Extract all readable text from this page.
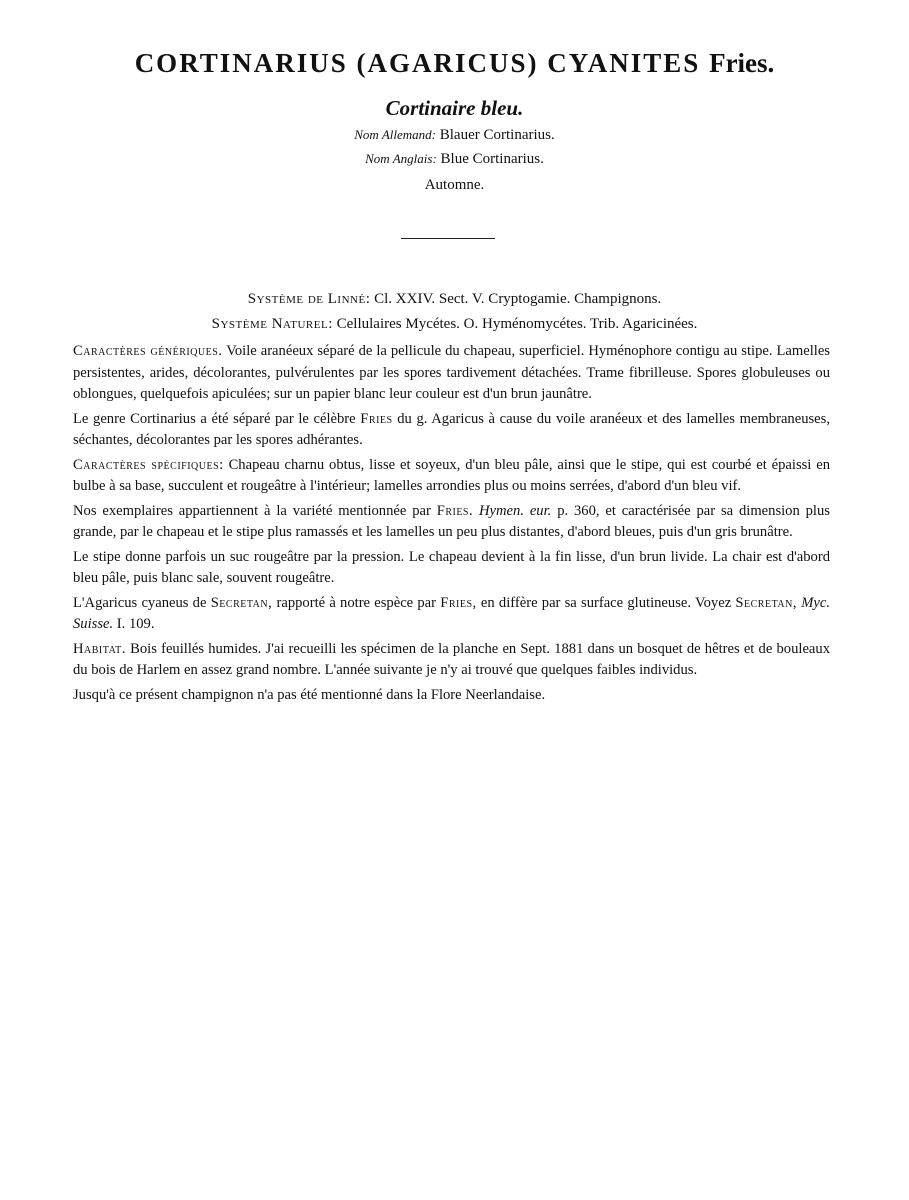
CORTINARIUS (AGARICUS) CYANITES Fries.
Cortinaire bleu.
Nom Allemand: Blauer Cortinarius.
Nom Anglais: Blue Cortinarius.
Automne.
Système de Linné: Cl. XXIV. Sect. V. Cryptogamie. Champignons.
Système Naturel: Cellulaires Mycétes. O. Hyménomycétes. Trib. Agaricinées.

Caractères génériques. Voile aranéeux séparé de la pellicule du chapeau, superficiel. Hyménophore contigu au stipe. Lamelles persistentes, arides, décolorantes, pulvérulentes par les spores tardivement détachées. Trame fibrilleuse. Spores globuleuses ou oblongues, quelquefois apiculées; sur un papier blanc leur couleur est d'un brun jaunâtre.

Le genre Cortinarius a été séparé par le célèbre Fries du g. Agaricus à cause du voile aranéeux et des lamelles membraneuses, séchantes, décolorantes par les spores adhérantes.

Caractères spécifiques: Chapeau charnu obtus, lisse et soyeux, d'un bleu pâle, ainsi que le stipe, qui est courbé et épaissi en bulbe à sa base, succulent et rougeâtre à l'intérieur; lamelles arrondies plus ou moins serrées, d'abord d'un bleu vif.

Nos exemplaires appartiennent à la variété mentionnée par Fries. Hymen. eur. p. 360, et caractérisée par sa dimension plus grande, par le chapeau et le stipe plus ramassés et les lamelles un peu plus distantes, d'abord bleues, puis d'un gris brunâtre.

Le stipe donne parfois un suc rougeâtre par la pression. Le chapeau devient à la fin lisse, d'un brun livide. La chair est d'abord bleu pâle, puis blanc sale, souvent rougeâtre.

L'Agaricus cyaneus de Secretan, rapporté à notre espèce par Fries, en diffère par sa surface glutineuse. Voyez Secretan, Myc. Suisse. I. 109.

Habitat. Bois feuillés humides. J'ai recueilli les spécimen de la planche en Sept. 1881 dans un bosquet de hêtres et de bouleaux du bois de Harlem en assez grand nombre. L'année suivante je n'y ai trouvé que quelques faibles individus.

Jusqu'à ce présent champignon n'a pas été mentionné dans la Flore Neerlandaise.
